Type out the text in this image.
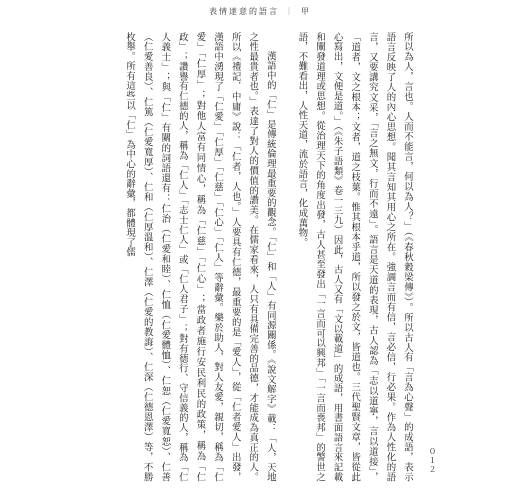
表情達意的語言 ｜ 甲

所以為人，言也。人而不能言，何以為人？」（《春秋穀梁傳》）。所以古人有「言為心聲」的成語，表示語言反映了人的內心思想。聞其言知其用心之所在。強調言而有信，言必信，行必果。作為人性化的語言，又要講究文采，「言之無文，行而不遠」。語言是天道的表現，古人認為「志以道寧，言以道接」，「道者，文之根本；文者，道之枝葉。惟其根本乎道，所以發之於文，皆道也。三代聖賢文章，皆從此心寫出，文便是道。」（《朱子語類》卷一三九）因此，古人又有「文以載道」的成語，用書面語言來記載和闡發道理或思想。從治理天下的角度出發，古人甚至發出「一言而可以興邦」「一言而喪邦」的警世之語，不難看出，人性天道，流於語言，化成萬物。

漢語中的「仁」是傳統倫理最重要的觀念。「仁」和「人」有同源關係。《說文解字》載：「人，天地之性最貴者也。」表達了對人的價值的讚美。在儒家看來，人只有具備完善的品德，才能成為真正的人。所以《禮記．中庸》說：「仁者，人也。」人要具有仁德，最重要的是「愛人」，從「仁者愛人」出發，漢語中湧現了「仁愛」「仁厚」「仁慈」「仁心」「仁人」等辭彙。樂於助人，對人友愛，親切，稱為「仁愛」「仁厚」；對他人富有同情心，稱為「仁慈」「仁心」；當政者施行安民利民的政策，稱為「仁政」；讚譽有仁德的人，稱為「仁人」「志士仁人」或「仁人君子」；對有德行、守信義的人，稱為「仁人義士」；與「仁」有關的詞語還有：仁治（仁愛和睦）、仁恤（仁愛體恤）、仁恕（仁愛寬恕）、仁善（仁愛善良）、仁篤（仁愛寬厚）、仁和（仁厚溫和）、仁澤（仁愛的教誨）、仁深（仁德恩澤）等，不勝枚舉。所有這些以「仁」為中心的辭彙，都體現了儒

０１２
